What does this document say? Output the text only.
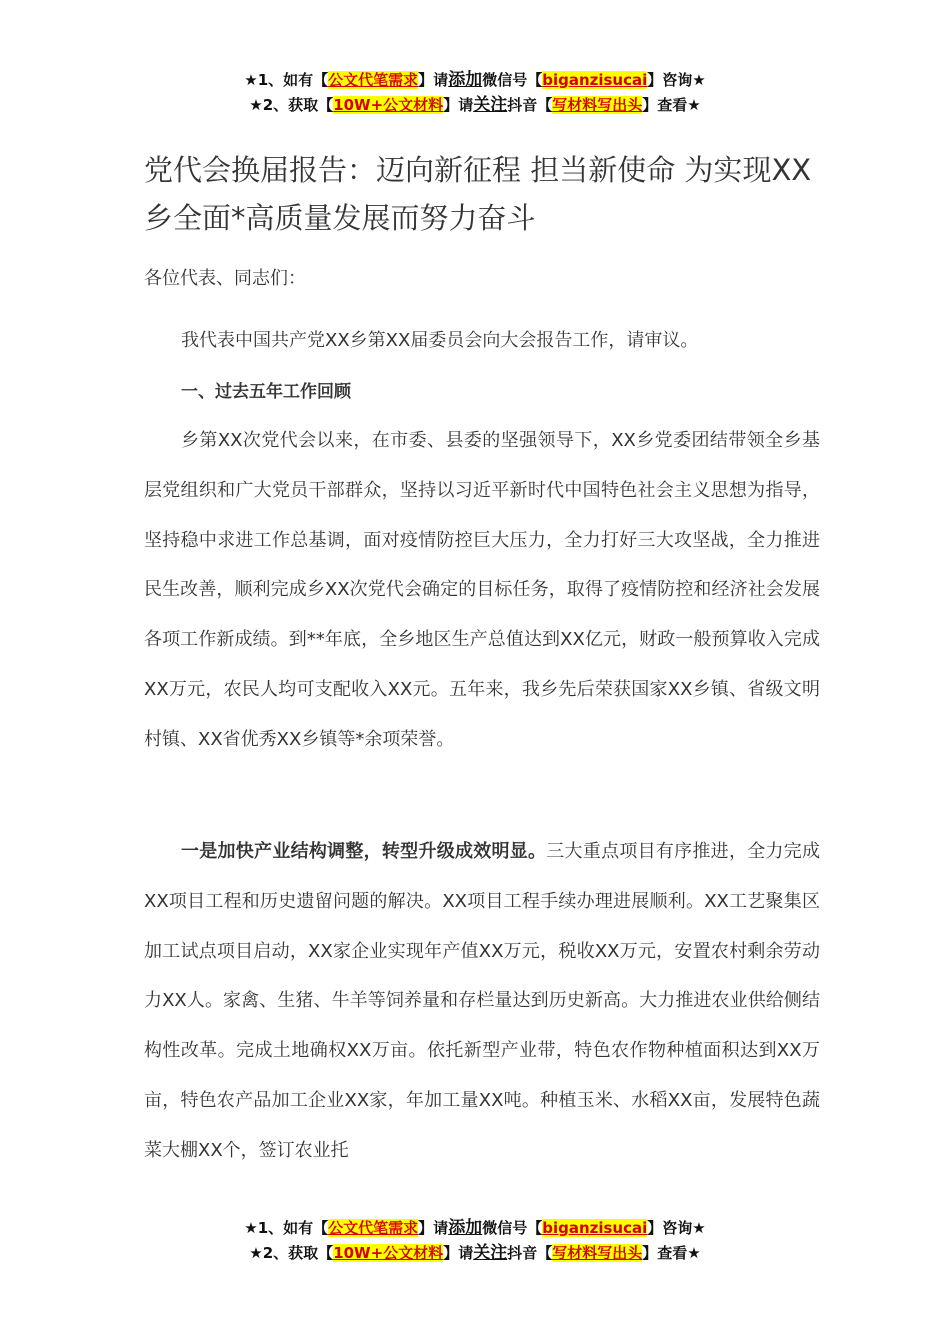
★1、如有【公文代笔需求】请添加微信号【biganzisucai】咨询★
★2、获取【10W+公文材料】请关注抖音【写材料写出头】查看★
党代会换届报告：迈向新征程 担当新使命 为实现XX乡全面*高质量发展而努力奋斗
各位代表、同志们：

我代表中国共产党XX乡第XX届委员会向大会报告工作，请审议。

一、过去五年工作回顾

乡第XX次党代会以来，在市委、县委的坚强领导下，XX乡党委团结带领全乡基层党组织和广大党员干部群众，坚持以习近平新时代中国特色社会主义思想为指导，坚持稳中求进工作总基调，面对疫情防控巨大压力，全力打好三大攻坚战，全力推进民生改善，顺利完成乡XX次党代会确定的目标任务，取得了疫情防控和经济社会发展各项工作新成绩。到**年底，全乡地区生产总值达到XX亿元，财政一般预算收入完成XX万元，农民人均可支配收入XX元。五年来，我乡先后荣获国家XX乡镇、省级文明村镇、XX省优秀XX乡镇等*余项荣誉。

一是加快产业结构调整，转型升级成效明显。三大重点项目有序推进，全力完成XX项目工程和历史遗留问题的解决。XX项目工程手续办理进展顺利。XX工艺聚集区加工试点项目启动，XX家企业实现年产值XX万元，税收XX万元，安置农村剩余劳动力XX人。家禽、生猪、牛羊等饲养量和存栏量达到历史新高。大力推进农业供给侧结构性改革。完成土地确权XX万亩。依托新型产业带，特色农作物种植面积达到XX万亩，特色农产品加工企业XX家，年加工量XX吨。种植玉米、水稻XX亩，发展特色蔬菜大棚XX个，签订农业托

★1、如有【公文代笔需求】请添加微信号【biganzisucai】咨询★
★2、获取【10W+公文材料】请关注抖音【写材料写出头】查看★
